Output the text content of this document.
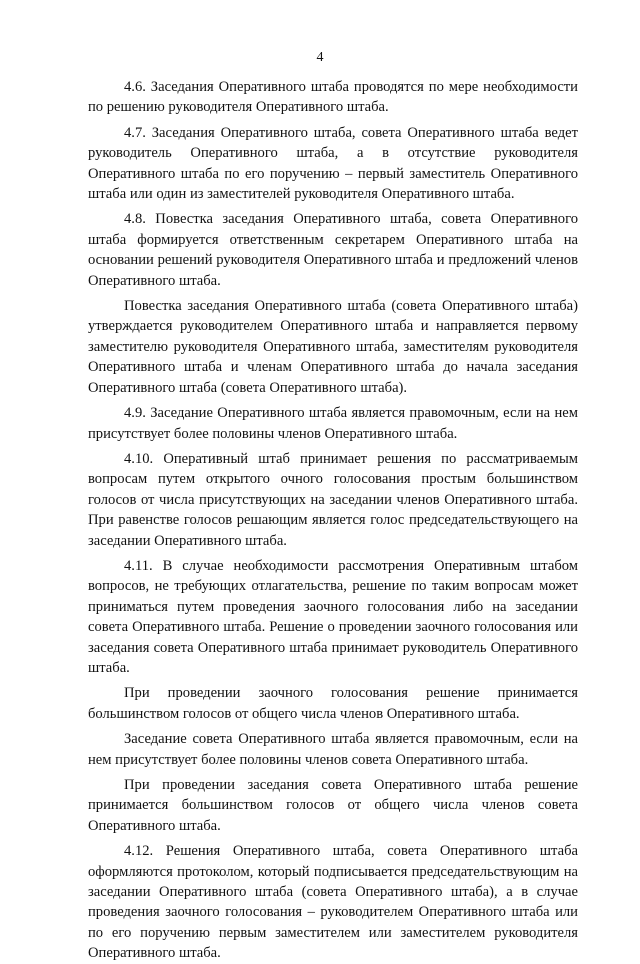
4

4.6. Заседания Оперативного штаба проводятся по мере необходимости по решению руководителя Оперативного штаба.

4.7. Заседания Оперативного штаба, совета Оперативного штаба ведет руководитель Оперативного штаба, а в отсутствие руководителя Оперативного штаба по его поручению – первый заместитель Оперативного штаба или один из заместителей руководителя Оперативного штаба.

4.8. Повестка заседания Оперативного штаба, совета Оперативного штаба формируется ответственным секретарем Оперативного штаба на основании решений руководителя Оперативного штаба и предложений членов Оперативного штаба.

Повестка заседания Оперативного штаба (совета Оперативного штаба) утверждается руководителем Оперативного штаба и направляется первому заместителю руководителя Оперативного штаба, заместителям руководителя Оперативного штаба и членам Оперативного штаба до начала заседания Оперативного штаба (совета Оперативного штаба).

4.9. Заседание Оперативного штаба является правомочным, если на нем присутствует более половины членов Оперативного штаба.

4.10. Оперативный штаб принимает решения по рассматриваемым вопросам путем открытого очного голосования простым большинством голосов от числа присутствующих на заседании членов Оперативного штаба. При равенстве голосов решающим является голос председательствующего на заседании Оперативного штаба.

4.11. В случае необходимости рассмотрения Оперативным штабом вопросов, не требующих отлагательства, решение по таким вопросам может приниматься путем проведения заочного голосования либо на заседании совета Оперативного штаба. Решение о проведении заочного голосования или заседания совета Оперативного штаба принимает руководитель Оперативного штаба.

При проведении заочного голосования решение принимается большинством голосов от общего числа членов Оперативного штаба.

Заседание совета Оперативного штаба является правомочным, если на нем присутствует более половины членов совета Оперативного штаба.

При проведении заседания совета Оперативного штаба решение принимается большинством голосов от общего числа членов совета Оперативного штаба.

4.12. Решения Оперативного штаба, совета Оперативного штаба оформляются протоколом, который подписывается председательствующим на заседании Оперативного штаба (совета Оперативного штаба), а в случае проведения заочного голосования – руководителем Оперативного штаба или по его поручению первым заместителем или заместителем руководителя Оперативного штаба.
